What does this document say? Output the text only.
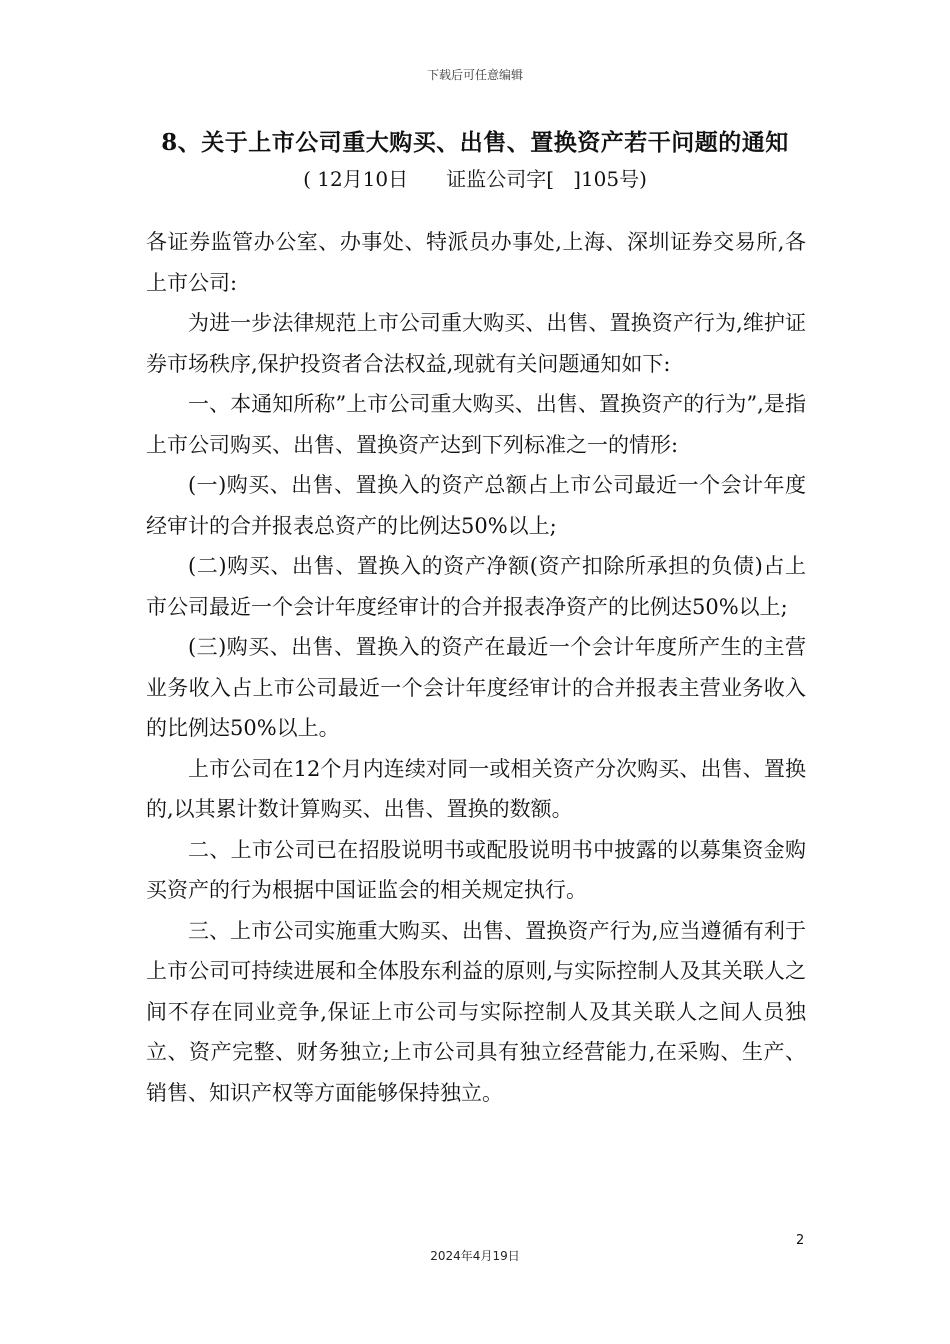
下载后可任意编辑
8、关于上市公司重大购买、出售、置换资产若干问题的通知
( 12月10日      证监公司字[   ]105号)

各证券监管办公室、办事处、特派员办事处,上海、深圳证券交易所,各上市公司:

为进一步法律规范上市公司重大购买、出售、置换资产行为,维护证券市场秩序,保护投资者合法权益,现就有关问题通知如下:

一、本通知所称”上市公司重大购买、出售、置换资产的行为”,是指上市公司购买、出售、置换资产达到下列标准之一的情形:

(一)购买、出售、置换入的资产总额占上市公司最近一个会计年度经审计的合并报表总资产的比例达50%以上;

(二)购买、出售、置换入的资产净额(资产扣除所承担的负债)占上市公司最近一个会计年度经审计的合并报表净资产的比例达50%以上;

(三)购买、出售、置换入的资产在最近一个会计年度所产生的主营业务收入占上市公司最近一个会计年度经审计的合并报表主营业务收入的比例达50%以上。

上市公司在12个月内连续对同一或相关资产分次购买、出售、置换的,以其累计数计算购买、出售、置换的数额。

二、上市公司已在招股说明书或配股说明书中披露的以募集资金购买资产的行为根据中国证监会的相关规定执行。

三、上市公司实施重大购买、出售、置换资产行为,应当遵循有利于上市公司可持续进展和全体股东利益的原则,与实际控制人及其关联人之间不存在同业竞争,保证上市公司与实际控制人及其关联人之间人员独立、资产完整、财务独立;上市公司具有独立经营能力,在采购、生产、销售、知识产权等方面能够保持独立。

2
2024年4月19日
